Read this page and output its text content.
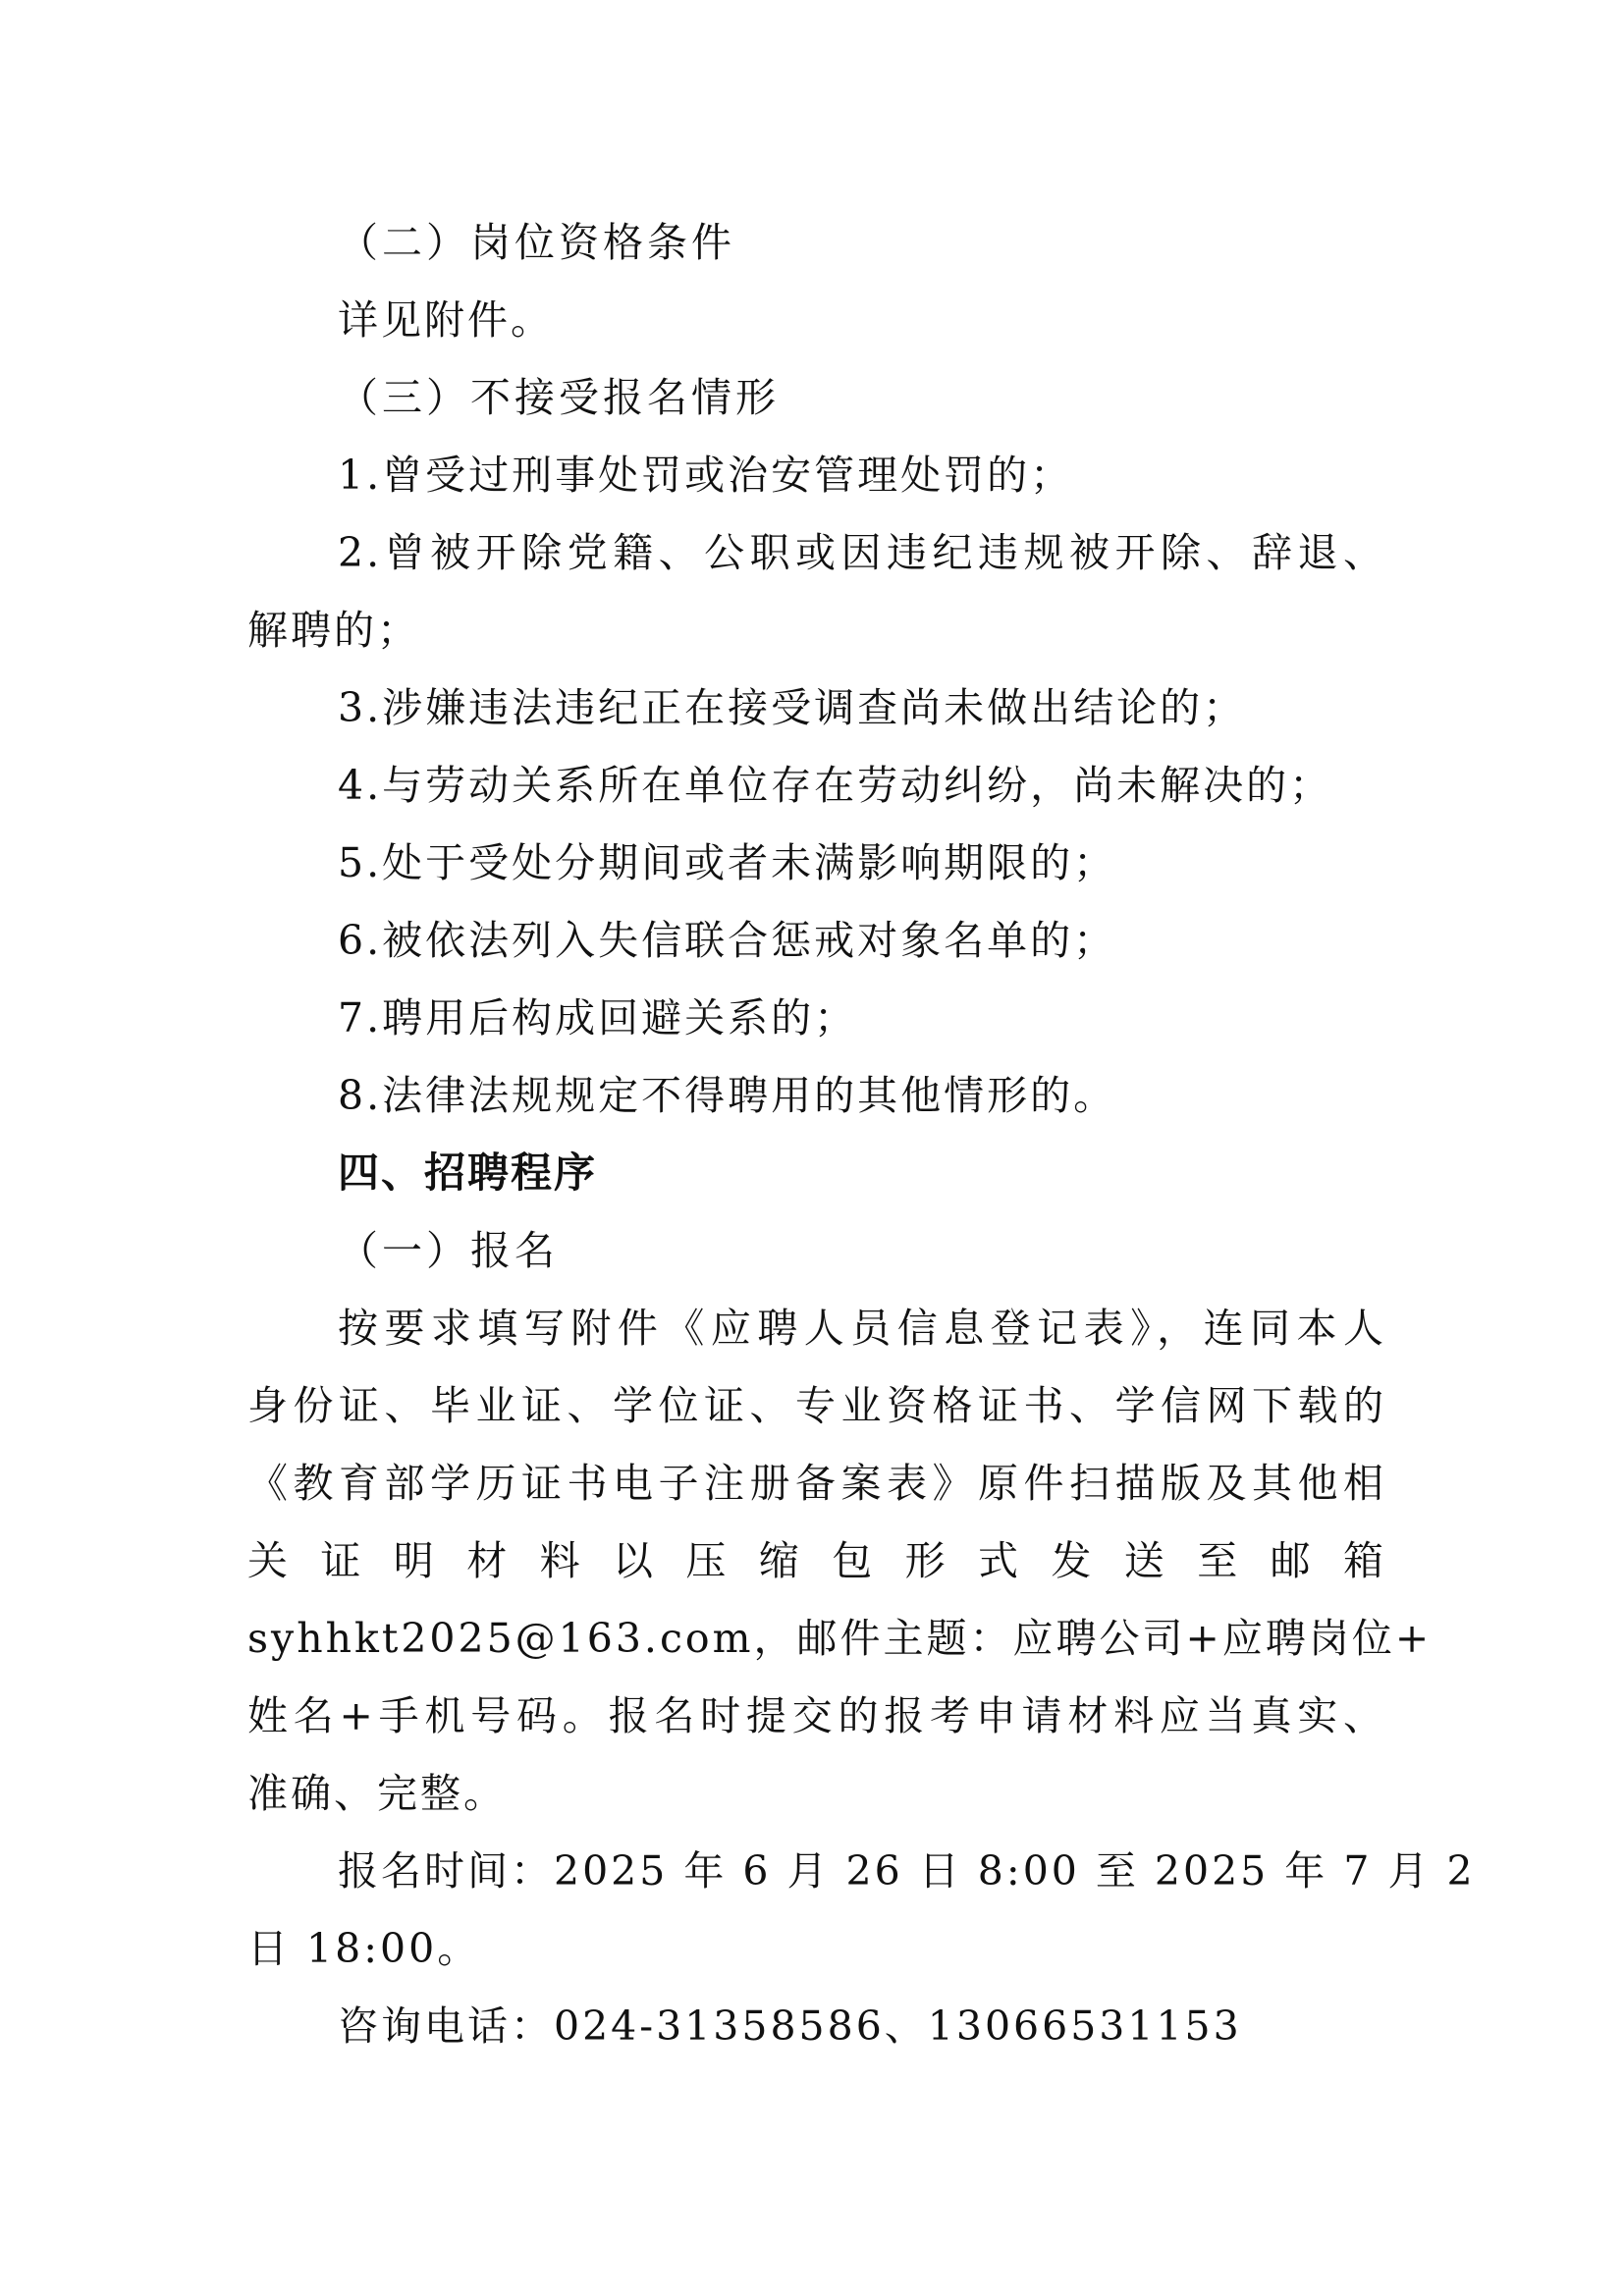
（二）岗位资格条件
详见附件。
（三）不接受报名情形
1.曾受过刑事处罚或治安管理处罚的；
2.曾被开除党籍、公职或因违纪违规被开除、辞退、
解聘的；
3.涉嫌违法违纪正在接受调查尚未做出结论的；
4.与劳动关系所在单位存在劳动纠纷，尚未解决的；
5.处于受处分期间或者未满影响期限的；
6.被依法列入失信联合惩戒对象名单的；
7.聘用后构成回避关系的；
8.法律法规规定不得聘用的其他情形的。
四、招聘程序
（一）报名
按要求填写附件《应聘人员信息登记表》，连同本人
身份证、毕业证、学位证、专业资格证书、学信网下载的
《教育部学历证书电子注册备案表》原件扫描版及其他相
关证明材料以压缩包形式发送至邮箱
syhhkt2025@163.com，邮件主题：应聘公司+应聘岗位+
姓名+手机号码。报名时提交的报考申请材料应当真实、
准确、完整。
报名时间：2025 年 6 月 26 日 8:00 至 2025 年 7 月 2
日 18:00。
咨询电话：024-31358586、13066531153
